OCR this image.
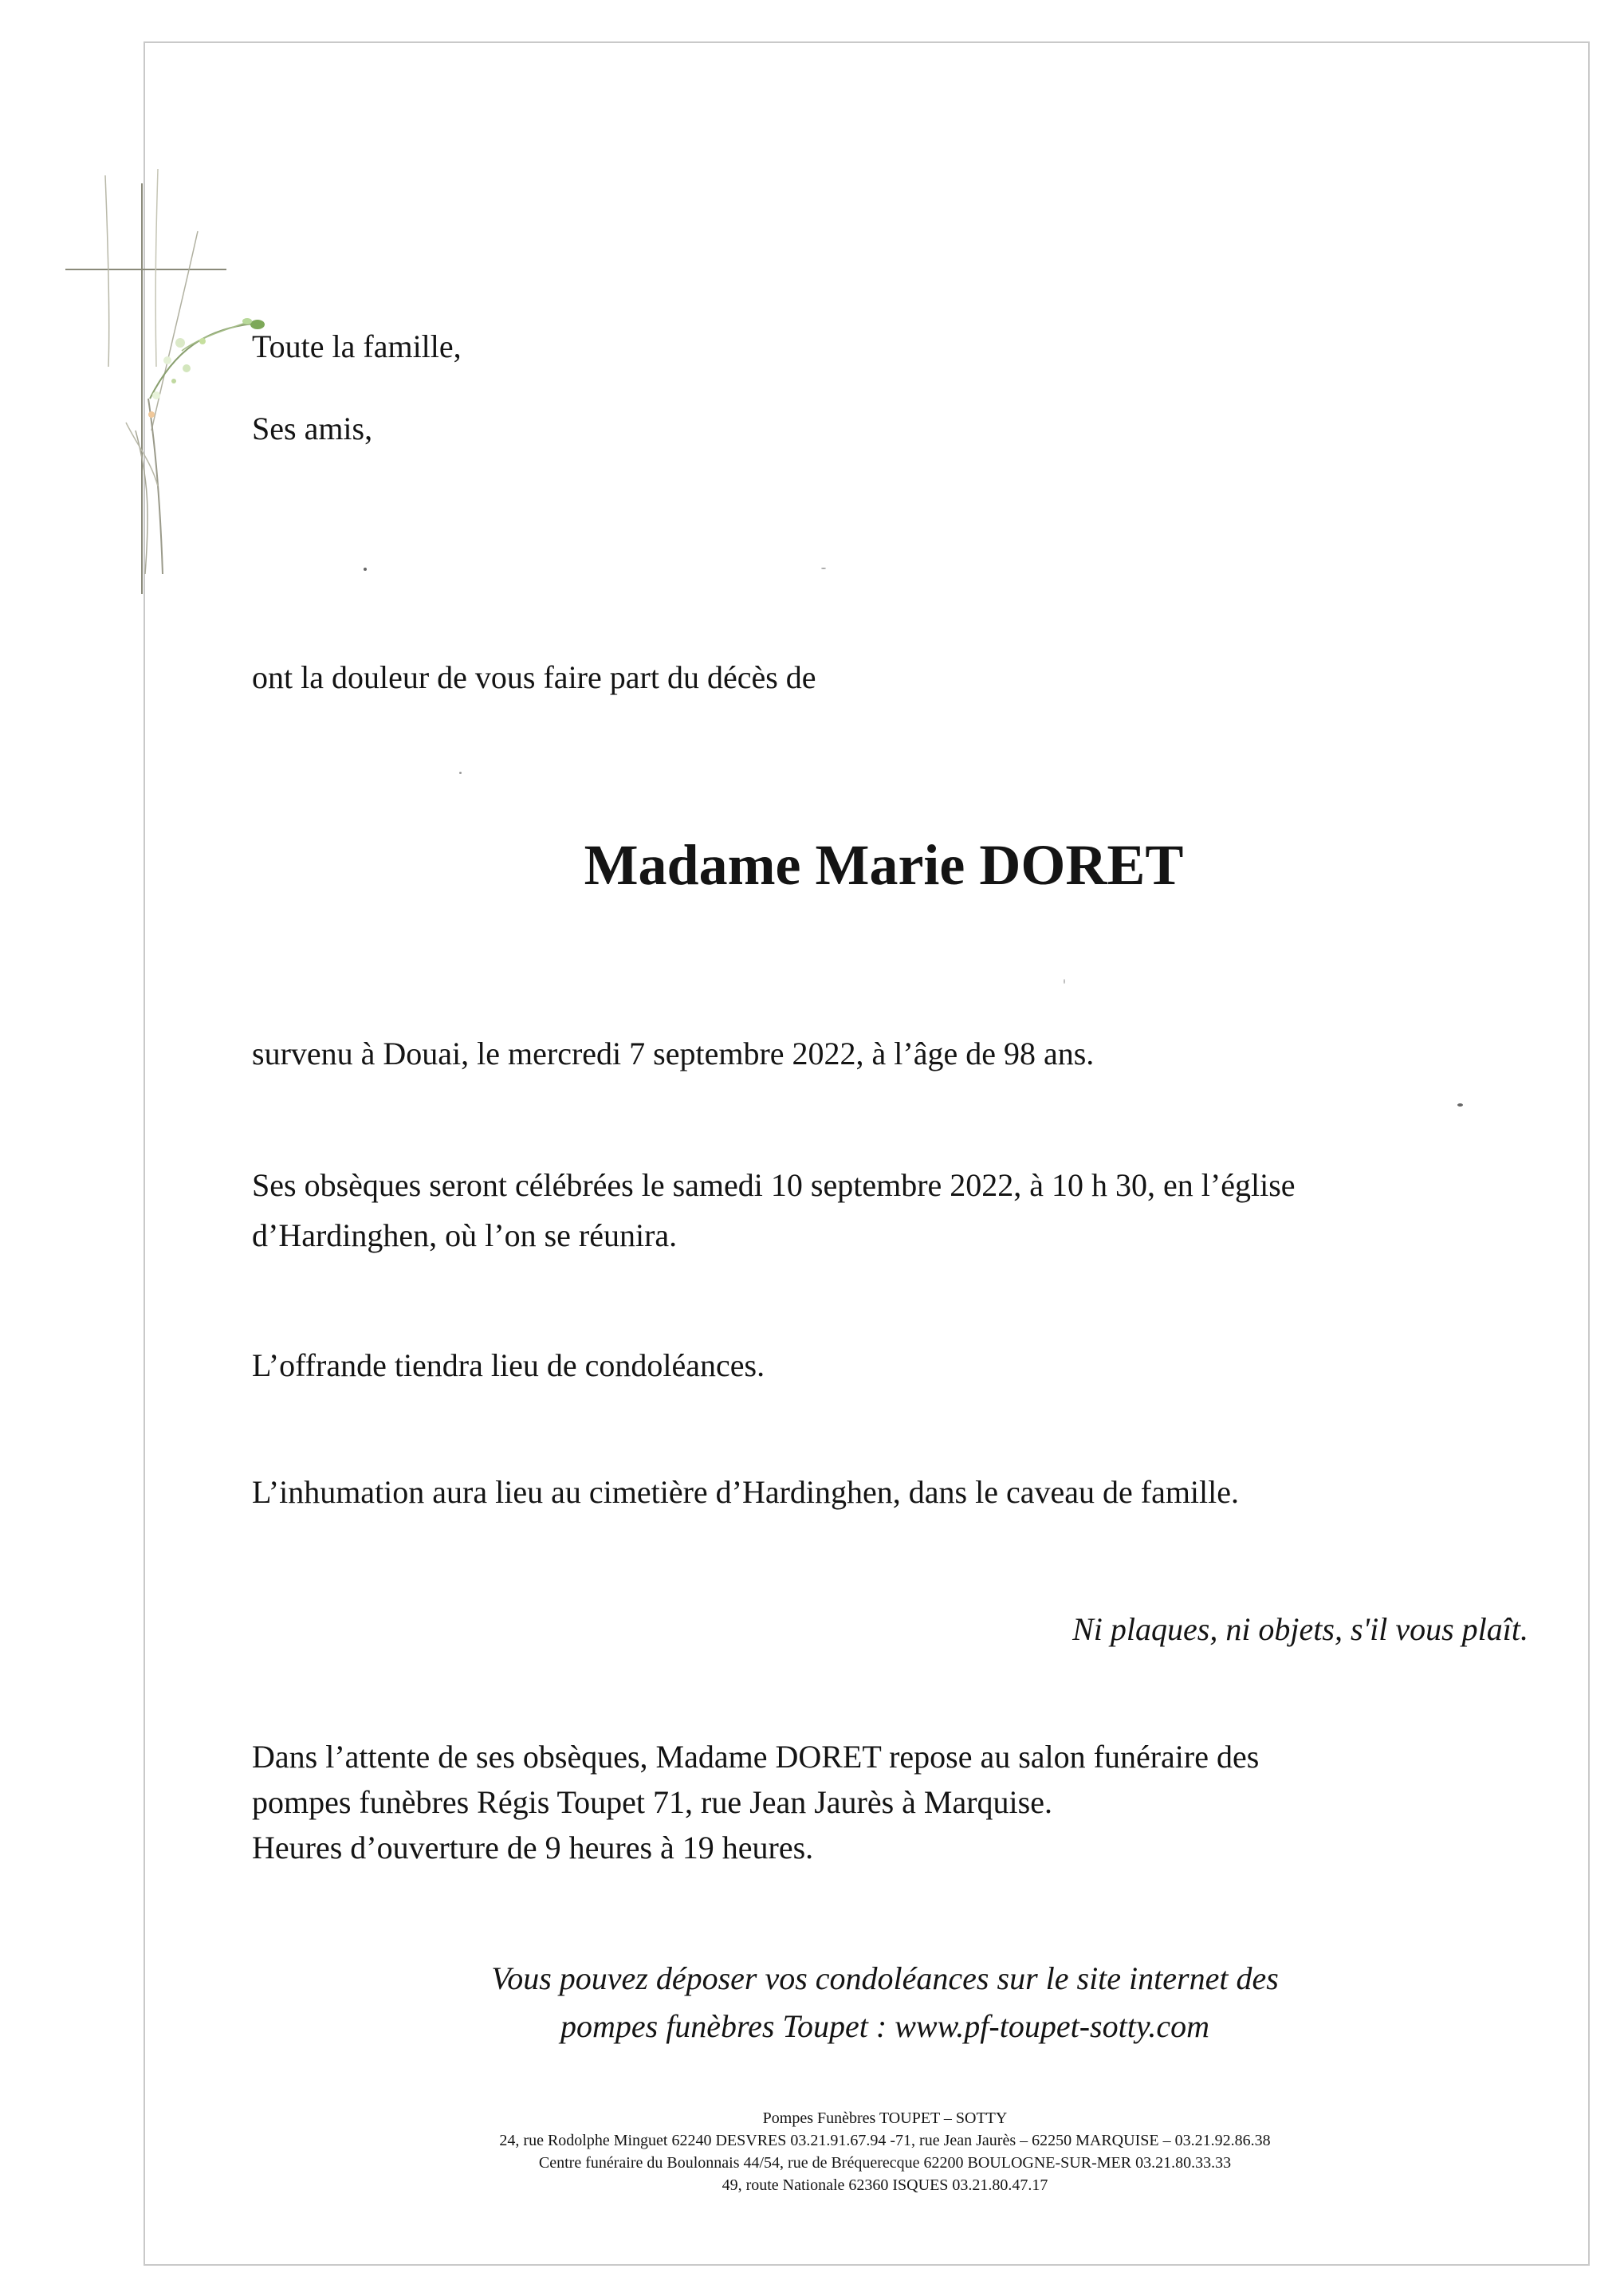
Toute la famille,
Ses amis,
ont la douleur de vous faire part du décès de
Madame Marie DORET
survenu à Douai, le mercredi 7 septembre 2022, à l’âge de 98 ans.
Ses obsèques seront célébrées le samedi 10 septembre 2022, à 10 h 30, en l’église
d’Hardinghen, où l’on se réunira.
L’offrande tiendra lieu de condoléances.
L’inhumation aura lieu au cimetière d’Hardinghen, dans le caveau de famille.
Ni plaques, ni objets, s'il vous plaît.
Dans l’attente de ses obsèques, Madame DORET repose au salon funéraire des
pompes funèbres Régis Toupet 71, rue Jean Jaurès à Marquise.
Heures d’ouverture de 9 heures à 19 heures.
Vous pouvez déposer vos condoléances sur le site internet des
pompes funèbres Toupet : www.pf-toupet-sotty.com
Pompes Funèbres TOUPET – SOTTY
24, rue Rodolphe Minguet 62240 DESVRES 03.21.91.67.94 -71, rue Jean Jaurès – 62250 MARQUISE – 03.21.92.86.38
Centre funéraire du Boulonnais 44/54, rue de Bréquerecque 62200 BOULOGNE-SUR-MER 03.21.80.33.33
49, route Nationale 62360 ISQUES 03.21.80.47.17
